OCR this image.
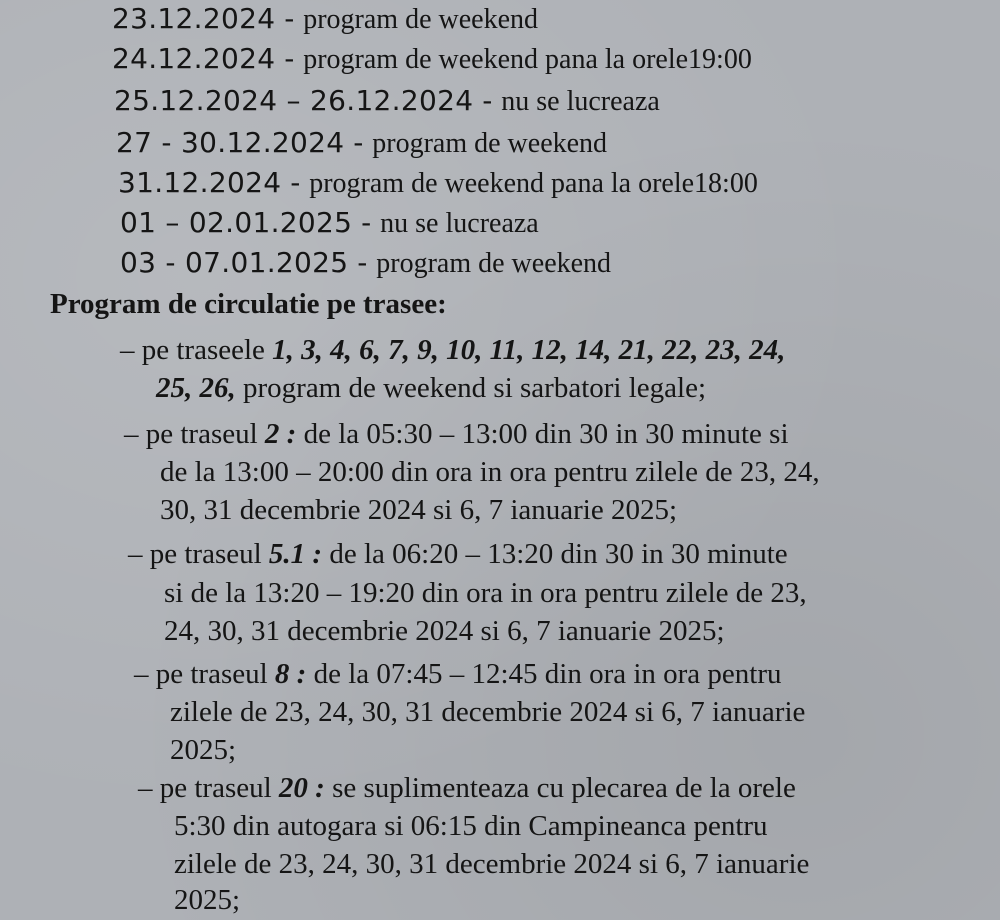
23.12.2024 - program de weekend
24.12.2024 - program de weekend pana la orele19:00
25.12.2024 – 26.12.2024 - nu se lucreaza
27 - 30.12.2024 - program de weekend
31.12.2024 - program de weekend pana la orele18:00
01 – 02.01.2025 - nu se lucreaza
03 - 07.01.2025 - program de weekend
Program de circulatie pe trasee:
– pe traseele 1, 3, 4, 6, 7, 9, 10, 11, 12, 14, 21, 22, 23, 24,
25, 26, program de weekend si sarbatori legale;
– pe traseul 2 : de la 05:30 – 13:00 din 30 in 30 minute si
de la 13:00 – 20:00 din ora in ora pentru zilele de 23, 24,
30, 31 decembrie 2024 si 6, 7 ianuarie 2025;
– pe traseul 5.1 : de la 06:20 – 13:20 din 30 in 30 minute
si de la 13:20 – 19:20 din ora in ora pentru zilele de 23,
24, 30, 31 decembrie 2024 si 6, 7 ianuarie 2025;
– pe traseul 8 : de la 07:45 – 12:45 din ora in ora pentru
zilele de 23, 24, 30, 31 decembrie 2024 si 6, 7 ianuarie
2025;
– pe traseul 20 : se suplimenteaza cu plecarea de la orele
5:30 din autogara si 06:15 din Campineanca pentru
zilele de 23, 24, 30, 31 decembrie 2024 si 6, 7 ianuarie
2025;
